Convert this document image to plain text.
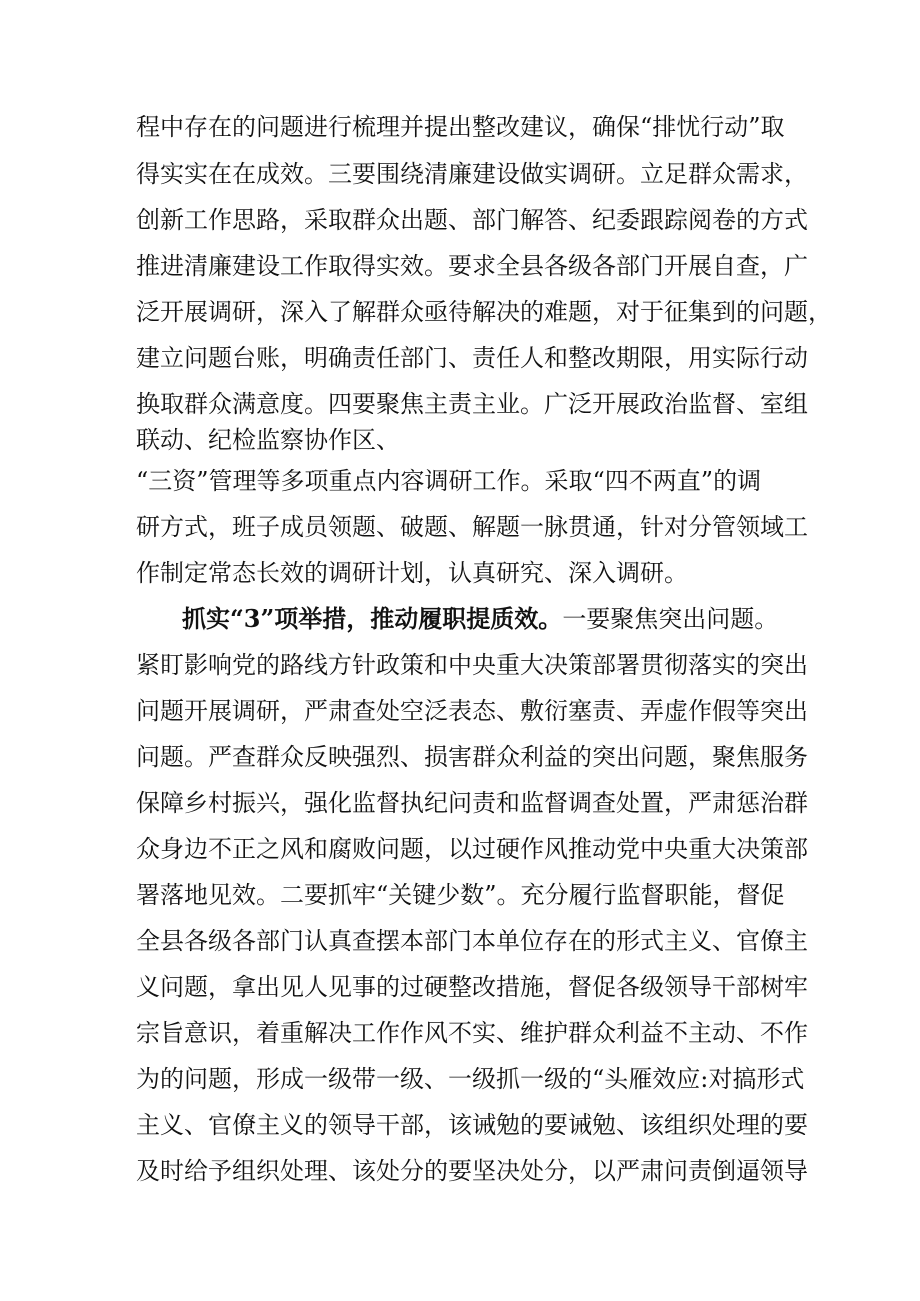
程中存在的问题进行梳理并提出整改建议，确保“排忧行动”取
得实实在在成效。三要围绕清廉建设做实调研。立足群众需求，
创新工作思路，采取群众出题、部门解答、纪委跟踪阅卷的方式
推进清廉建设工作取得实效。要求全县各级各部门开展自查，广
泛开展调研，深入了解群众亟待解决的难题，对于征集到的问题，
建立问题台账，明确责任部门、责任人和整改期限，用实际行动
换取群众满意度。四要聚焦主责主业。广泛开展政治监督、室组
联动、纪检监察协作区、
“三资”管理等多项重点内容调研工作。采取“四不两直”的调
研方式，班子成员领题、破题、解题一脉贯通，针对分管领域工
作制定常态长效的调研计划，认真研究、深入调研。
抓实“3”项举措，推动履职提质效。一要聚焦突出问题。
紧盯影响党的路线方针政策和中央重大决策部署贯彻落实的突出
问题开展调研，严肃查处空泛表态、敷衍塞责、弄虚作假等突出
问题。严查群众反映强烈、损害群众利益的突出问题，聚焦服务
保障乡村振兴，强化监督执纪问责和监督调查处置，严肃惩治群
众身边不正之风和腐败问题，以过硬作风推动党中央重大决策部
署落地见效。二要抓牢“关键少数”。充分履行监督职能，督促
全县各级各部门认真查摆本部门本单位存在的形式主义、官僚主
义问题，拿出见人见事的过硬整改措施，督促各级领导干部树牢
宗旨意识，着重解决工作作风不实、维护群众利益不主动、不作
为的问题，形成一级带一级、一级抓一级的“头雁效应:对搞形式
主义、官僚主义的领导干部，该诫勉的要诫勉、该组织处理的要
及时给予组织处理、该处分的要坚决处分，以严肃问责倒逼领导
